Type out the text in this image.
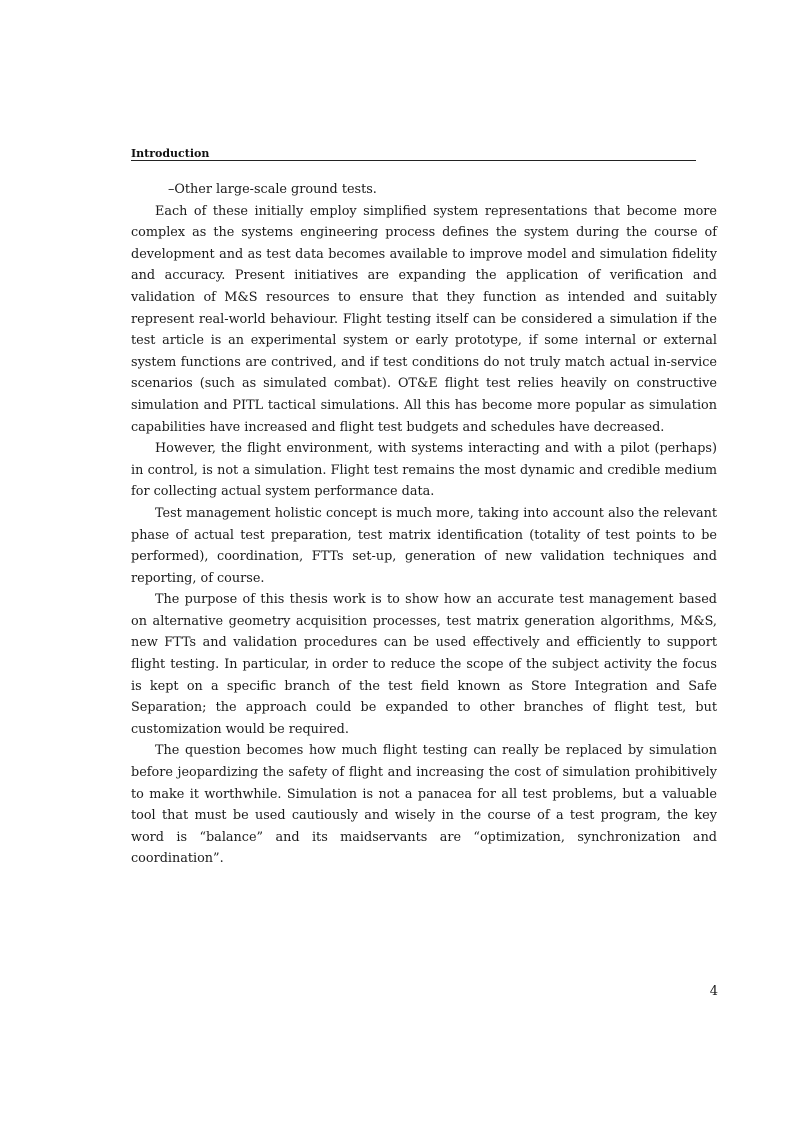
Introduction

–Other large-scale ground tests.

Each of these initially employ simplified system representations that become more complex as the systems engineering process defines the system during the course of development and as test data becomes available to improve model and simulation fidelity and accuracy. Present initiatives are expanding the application of verification and validation of M&S resources to ensure that they function as intended and suitably represent real-world behaviour. Flight testing itself can be considered a simulation if the test article is an experimental system or early prototype, if some internal or external system functions are contrived, and if test conditions do not truly match actual in-service scenarios (such as simulated combat). OT&E flight test relies heavily on constructive simulation and PITL tactical simulations. All this has become more popular as simulation capabilities have increased and flight test budgets and schedules have decreased.

However, the flight environment, with systems interacting and with a pilot (perhaps) in control, is not a simulation. Flight test remains the most dynamic and credible medium for collecting actual system performance data.

Test management holistic concept is much more, taking into account also the relevant phase of actual test preparation, test matrix identification (totality of test points to be performed), coordination, FTTs set-up, generation of new validation techniques and reporting, of course.

The purpose of this thesis work is to show how an accurate test management based on alternative geometry acquisition processes, test matrix generation algorithms, M&S, new FTTs and validation procedures can be used effectively and efficiently to support flight testing. In particular, in order to reduce the scope of the subject activity the focus is kept on a specific branch of the test field known as Store Integration and Safe Separation; the approach could be expanded to other branches of flight test, but customization would be required.

The question becomes how much flight testing can really be replaced by simulation before jeopardizing the safety of flight and increasing the cost of simulation prohibitively to make it worthwhile. Simulation is not a panacea for all test problems, but a valuable tool that must be used cautiously and wisely in the course of a test program, the key word is “balance” and its maidservants are “optimization, synchronization and coordination”.

4
